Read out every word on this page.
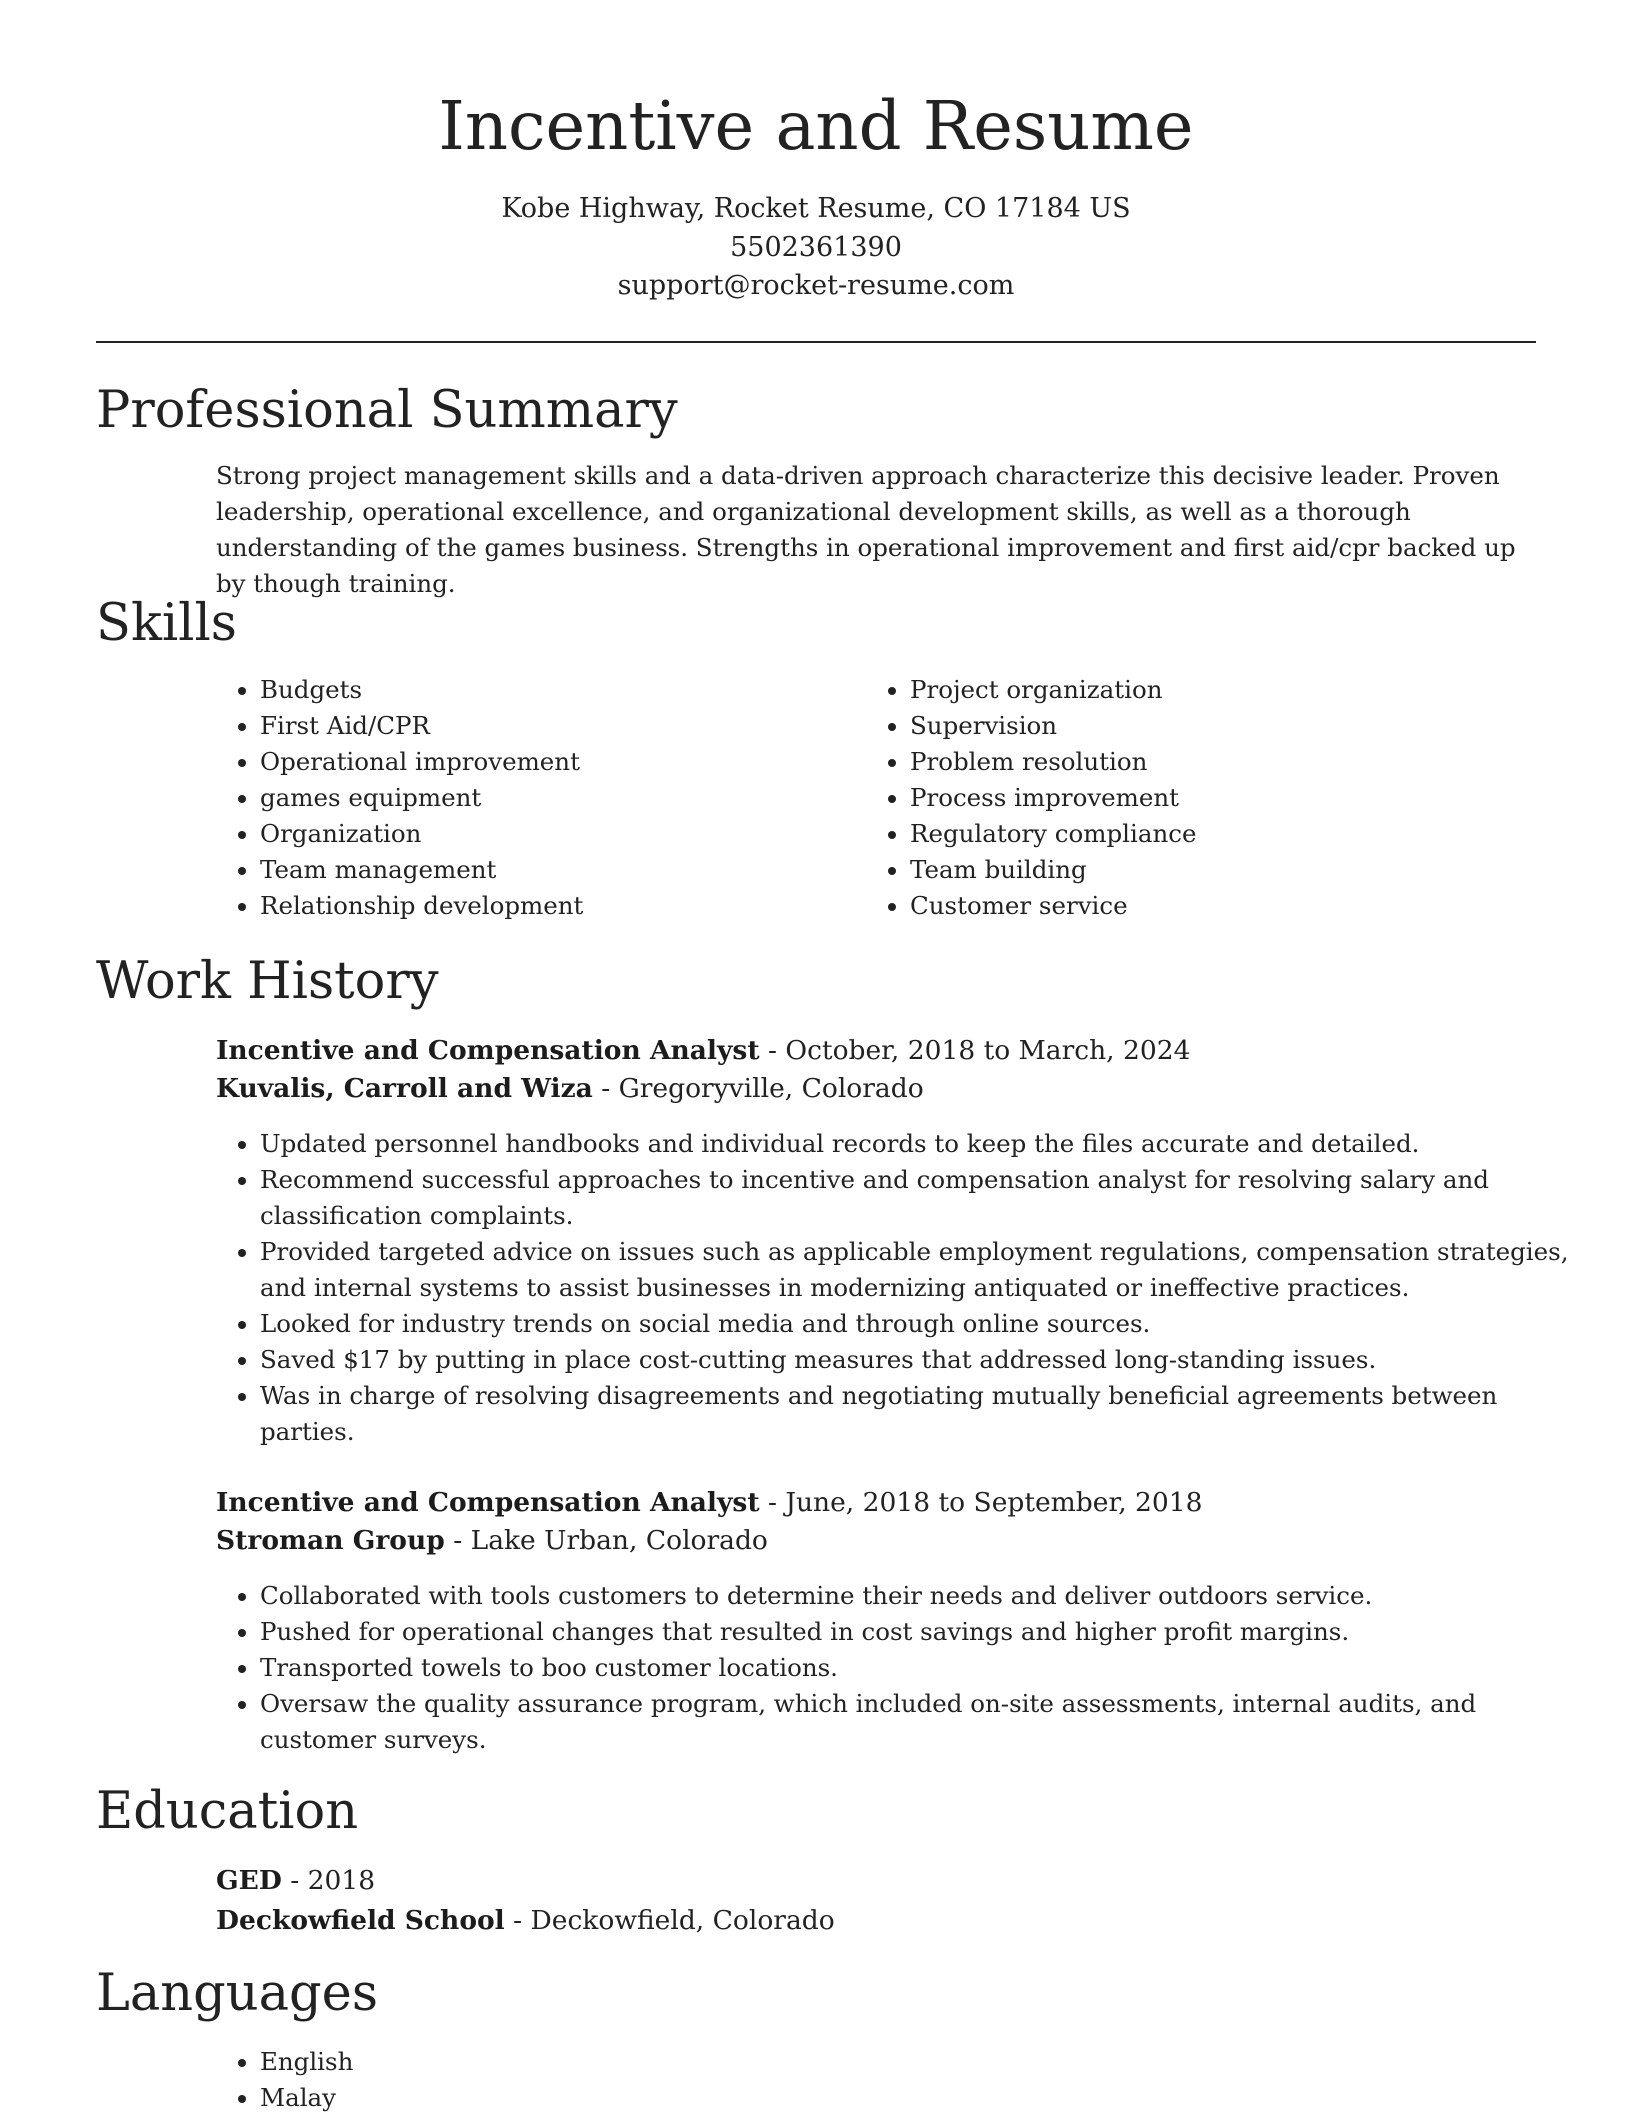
Incentive and Resume
Kobe Highway, Rocket Resume, CO 17184 US
5502361390
support@rocket-resume.com
Professional Summary

Strong project management skills and a data-driven approach characterize this decisive leader. Proven leadership, operational excellence, and organizational development skills, as well as a thorough understanding of the games business. Strengths in operational improvement and first aid/cpr backed up by though training.

Skills
• Budgets
• First Aid/CPR
• Operational improvement
• games equipment
• Organization
• Team management
• Relationship development
• Project organization
• Supervision
• Problem resolution
• Process improvement
• Regulatory compliance
• Team building
• Customer service
Work History
Incentive and Compensation Analyst - October, 2018 to March, 2024
Kuvalis, Carroll and Wiza - Gregoryville, Colorado
• Updated personnel handbooks and individual records to keep the files accurate and detailed.
• Recommend successful approaches to incentive and compensation analyst for resolving salary and classification complaints.
• Provided targeted advice on issues such as applicable employment regulations, compensation strategies, and internal systems to assist businesses in modernizing antiquated or ineffective practices.
• Looked for industry trends on social media and through online sources.
• Saved $17 by putting in place cost-cutting measures that addressed long-standing issues.
• Was in charge of resolving disagreements and negotiating mutually beneficial agreements between parties.
Incentive and Compensation Analyst - June, 2018 to September, 2018
Stroman Group - Lake Urban, Colorado
• Collaborated with tools customers to determine their needs and deliver outdoors service.
• Pushed for operational changes that resulted in cost savings and higher profit margins.
• Transported towels to boo customer locations.
• Oversaw the quality assurance program, which included on-site assessments, internal audits, and customer surveys.
Education
GED - 2018
Deckowfield School - Deckowfield, Colorado
Languages
• English
• Malay
